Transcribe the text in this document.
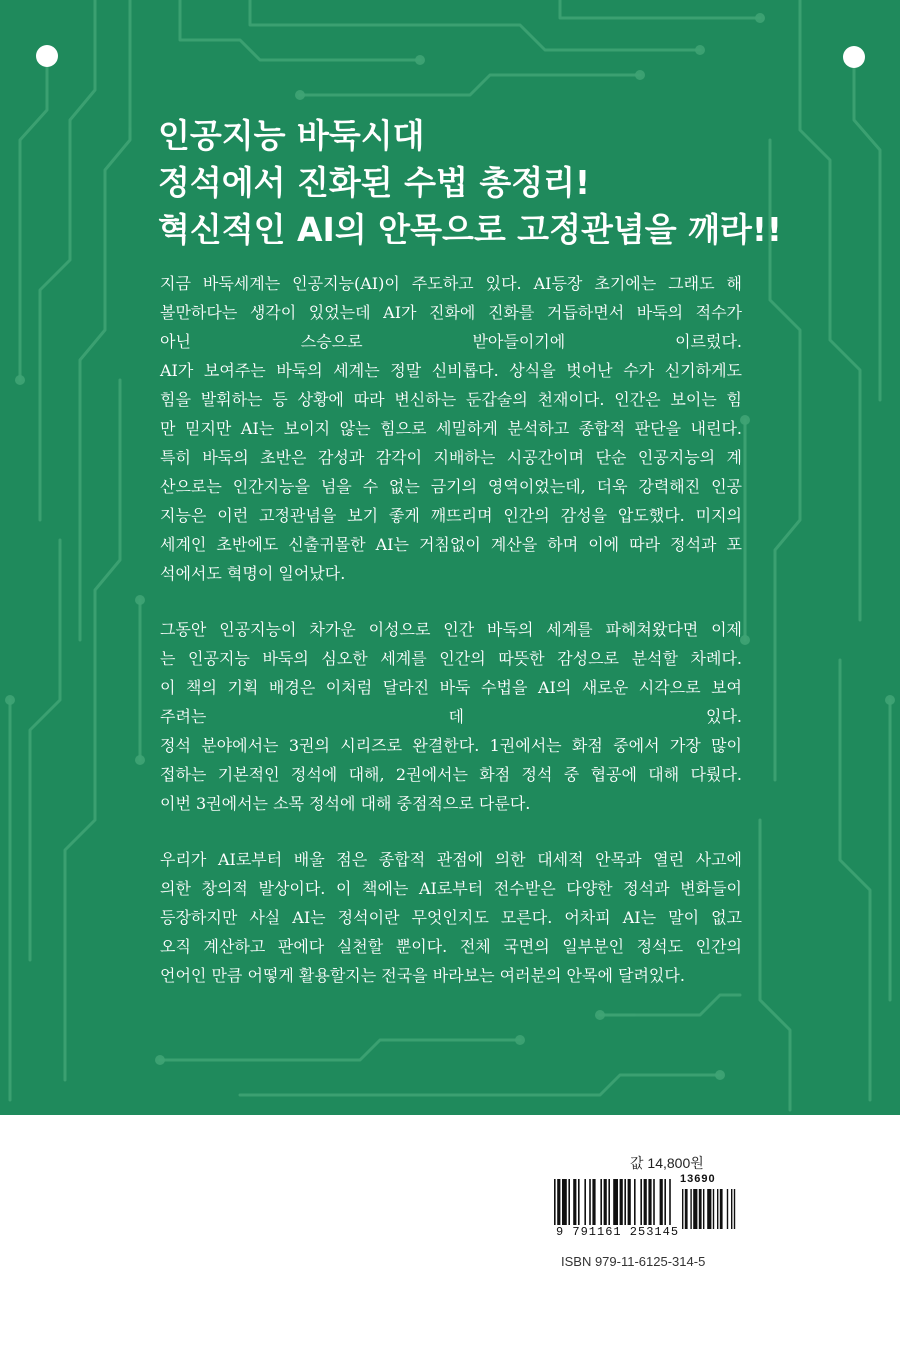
인공지능 바둑시대
정석에서 진화된 수법 총정리!
혁신적인 AI의 안목으로 고정관념을 깨라!!

지금 바둑세계는 인공지능(AI)이 주도하고 있다. AI등장 초기에는 그래도 해

볼만하다는 생각이 있었는데 AI가 진화에 진화를 거듭하면서 바둑의 적수가

아닌 스승으로 받아들이기에 이르렀다.

AI가 보여주는 바둑의 세계는 정말 신비롭다. 상식을 벗어난 수가 신기하게도

힘을 발휘하는 등 상황에 따라 변신하는 둔갑술의 천재이다. 인간은 보이는 힘

만 믿지만 AI는 보이지 않는 힘으로 세밀하게 분석하고 종합적 판단을 내린다.

특히 바둑의 초반은 감성과 감각이 지배하는 시공간이며 단순 인공지능의 계

산으로는 인간지능을 넘을 수 없는 금기의 영역이었는데, 더욱 강력해진 인공

지능은 이런 고정관념을 보기 좋게 깨뜨리며 인간의 감성을 압도했다. 미지의

세계인 초반에도 신출귀몰한 AI는 거침없이 계산을 하며 이에 따라 정석과 포

석에서도 혁명이 일어났다.

그동안 인공지능이 차가운 이성으로 인간 바둑의 세계를 파헤쳐왔다면 이제

는 인공지능 바둑의 심오한 세계를 인간의 따뜻한 감성으로 분석할 차례다.

이 책의 기획 배경은 이처럼 달라진 바둑 수법을 AI의 새로운 시각으로 보여

주려는 데 있다.

정석 분야에서는 3권의 시리즈로 완결한다. 1권에서는 화점 중에서 가장 많이

접하는 기본적인 정석에 대해, 2권에서는 화점 정석 중 협공에 대해 다뤘다.

이번 3권에서는 소목 정석에 대해 중점적으로 다룬다.

우리가 AI로부터 배울 점은 종합적 관점에 의한 대세적 안목과 열린 사고에

의한 창의적 발상이다. 이 책에는 AI로부터 전수받은 다양한 정석과 변화들이

등장하지만 사실 AI는 정석이란 무엇인지도 모른다. 어차피 AI는 말이 없고

오직 계산하고 판에다 실천할 뿐이다. 전체 국면의 일부분인 정석도 인간의

언어인 만큼 어떻게 활용할지는 전국을 바라보는 여러분의 안목에 달려있다.

값 14,800원
13690
9 791161 253145
ISBN 979-11-6125-314-5
